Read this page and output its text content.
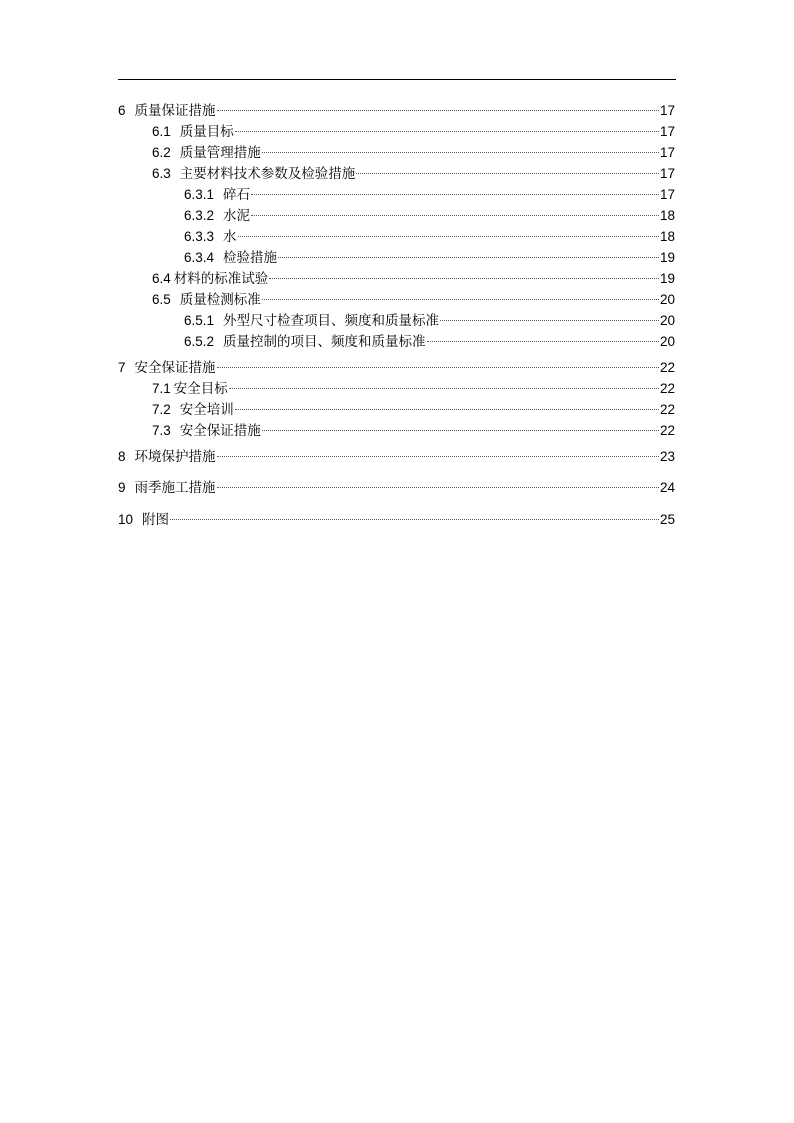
6 质量保证措施	17
6.1 质量目标	17
6.2 质量管理措施	17
6.3 主要材料技术参数及检验措施	17
6.3.1 碎石	17
6.3.2 水泥	18
6.3.3 水	18
6.3.4 检验措施	19
6.4 材料的标准试验	19
6.5 质量检测标准	20
6.5.1 外型尺寸检查项目、频度和质量标准	20
6.5.2 质量控制的项目、频度和质量标准	20
7 安全保证措施	22
7.1 安全目标	22
7.2 安全培训	22
7.3 安全保证措施	22
8 环境保护措施	23
9 雨季施工措施	24
10 附图	25
